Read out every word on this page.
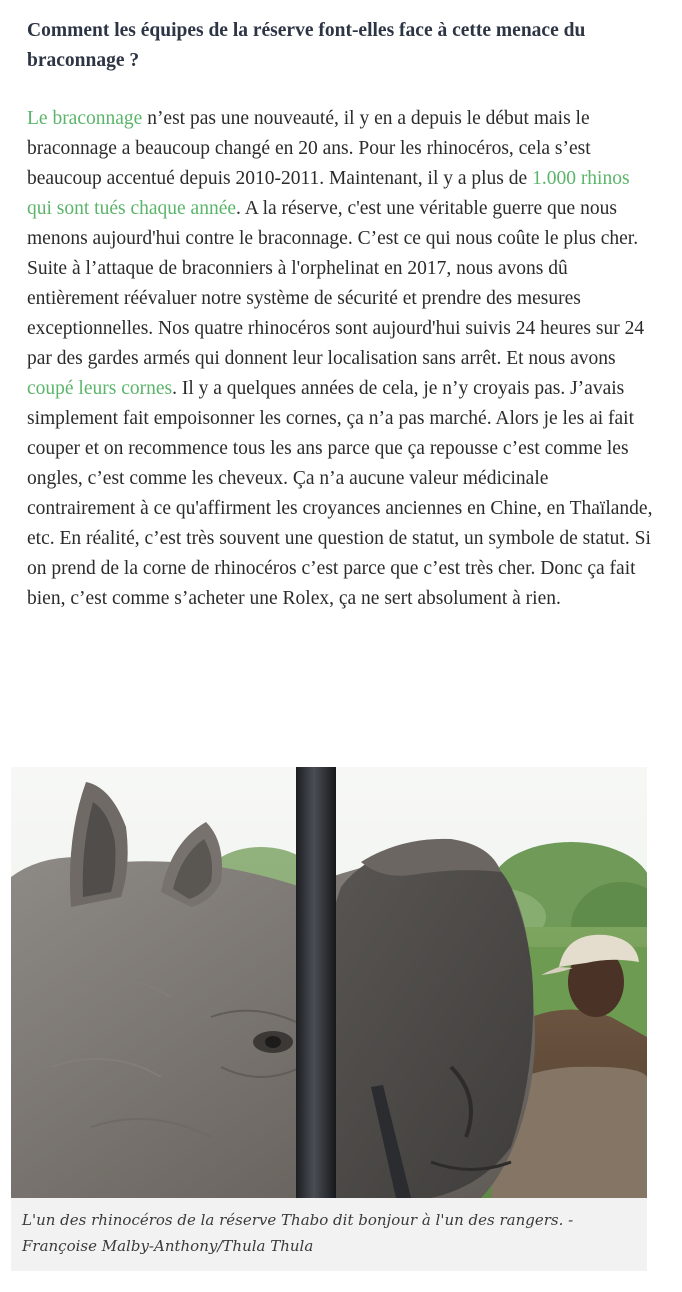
Comment les équipes de la réserve font-elles face à cette menace du braconnage ?

Le braconnage n’est pas une nouveauté, il y en a depuis le début mais le braconnage a beaucoup changé en 20 ans. Pour les rhinocéros, cela s’est beaucoup accentué depuis 2010-2011. Maintenant, il y a plus de 1.000 rhinos qui sont tués chaque année. A la réserve, c'est une véritable guerre que nous menons aujourd'hui contre le braconnage. C’est ce qui nous coûte le plus cher. Suite à l’attaque de braconniers à l'orphelinat en 2017, nous avons dû entièrement réévaluer notre système de sécurité et prendre des mesures exceptionnelles. Nos quatre rhinocéros sont aujourd'hui suivis 24 heures sur 24 par des gardes armés qui donnent leur localisation sans arrêt. Et nous avons coupé leurs cornes. Il y a quelques années de cela, je n’y croyais pas. J’avais simplement fait empoisonner les cornes, ça n’a pas marché. Alors je les ai fait couper et on recommence tous les ans parce que ça repousse c’est comme les ongles, c’est comme les cheveux. Ça n’a aucune valeur médicinale contrairement à ce qu'affirment les croyances anciennes en Chine, en Thaïlande, etc. En réalité, c’est très souvent une question de statut, un symbole de statut. Si on prend de la corne de rhinocéros c’est parce que c’est très cher. Donc ça fait bien, c’est comme s’acheter une Rolex, ça ne sert absolument à rien.

L'un des rhinocéros de la réserve Thabo dit bonjour à l'un des rangers. - Françoise Malby-Anthony/Thula Thula
